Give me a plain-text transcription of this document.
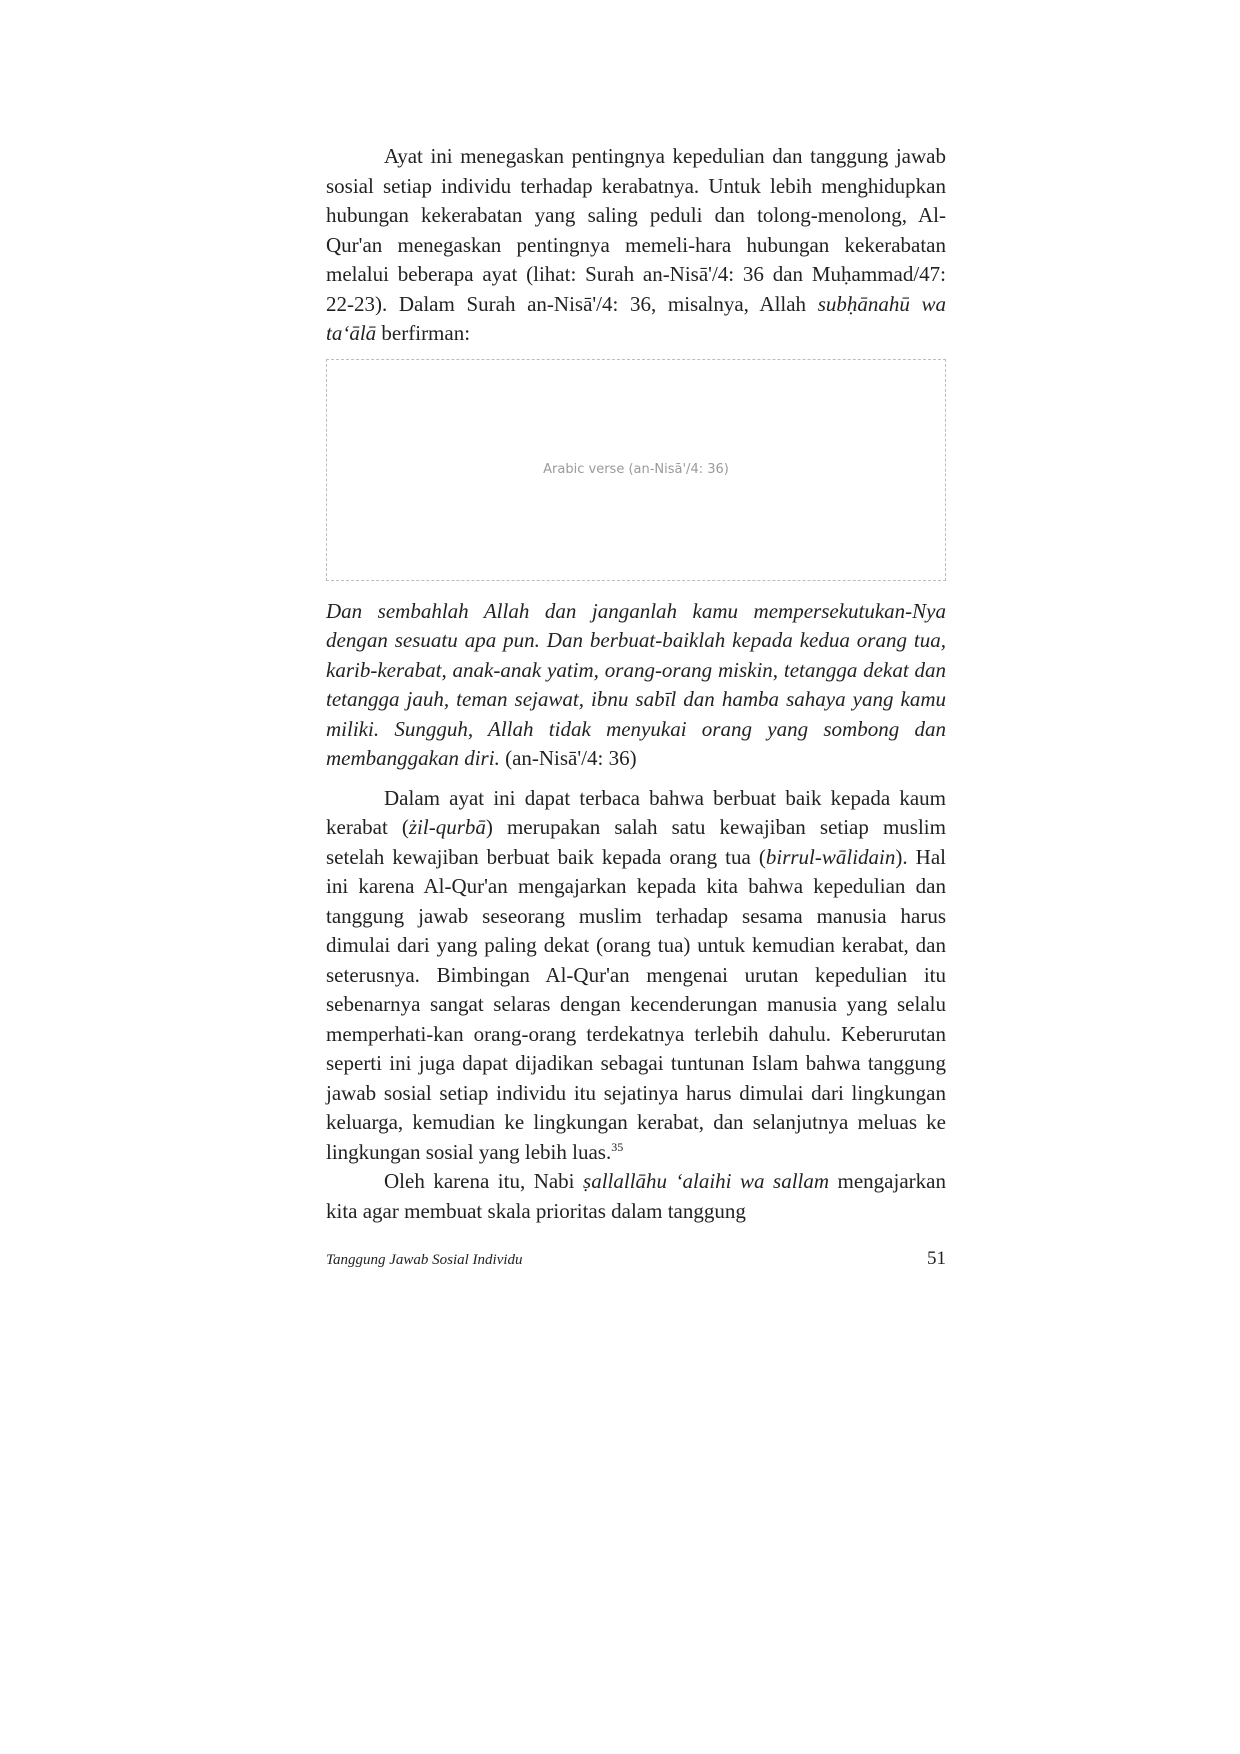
Ayat ini menegaskan pentingnya kepedulian dan tanggung jawab sosial setiap individu terhadap kerabatnya. Untuk lebih menghidupkan hubungan kekerabatan yang saling peduli dan tolong-menolong, Al-Qur'an menegaskan pentingnya memeli-hara hubungan kekerabatan melalui beberapa ayat (lihat: Surah an-Nisā'/4: 36 dan Muḥammad/47: 22-23). Dalam Surah an-Nisā'/4: 36, misalnya, Allah subḥānahū wa ta‘ālā berfirman:

Arabic verse (an-Nisā'/4: 36)

Dan sembahlah Allah dan janganlah kamu mempersekutukan-Nya dengan sesuatu apa pun. Dan berbuat-baiklah kepada kedua orang tua, karib-kerabat, anak-anak yatim, orang-orang miskin, tetangga dekat dan tetangga jauh, teman sejawat, ibnu sabīl dan hamba sahaya yang kamu miliki. Sungguh, Allah tidak menyukai orang yang sombong dan membanggakan diri. (an-Nisā'/4: 36)

Dalam ayat ini dapat terbaca bahwa berbuat baik kepada kaum kerabat (żil-qurbā) merupakan salah satu kewajiban setiap muslim setelah kewajiban berbuat baik kepada orang tua (birrul-wālidain). Hal ini karena Al-Qur'an mengajarkan kepada kita bahwa kepedulian dan tanggung jawab seseorang muslim terhadap sesama manusia harus dimulai dari yang paling dekat (orang tua) untuk kemudian kerabat, dan seterusnya. Bimbingan Al-Qur'an mengenai urutan kepedulian itu sebenarnya sangat selaras dengan kecenderungan manusia yang selalu memperhati-kan orang-orang terdekatnya terlebih dahulu. Keberurutan seperti ini juga dapat dijadikan sebagai tuntunan Islam bahwa tanggung jawab sosial setiap individu itu sejatinya harus dimulai dari lingkungan keluarga, kemudian ke lingkungan kerabat, dan selanjutnya meluas ke lingkungan sosial yang lebih luas.$^{35}$

Oleh karena itu, Nabi ṣallallāhu ‘alaihi wa sallam mengajarkan kita agar membuat skala prioritas dalam tanggung

Tanggung Jawab Sosial Individu	51
